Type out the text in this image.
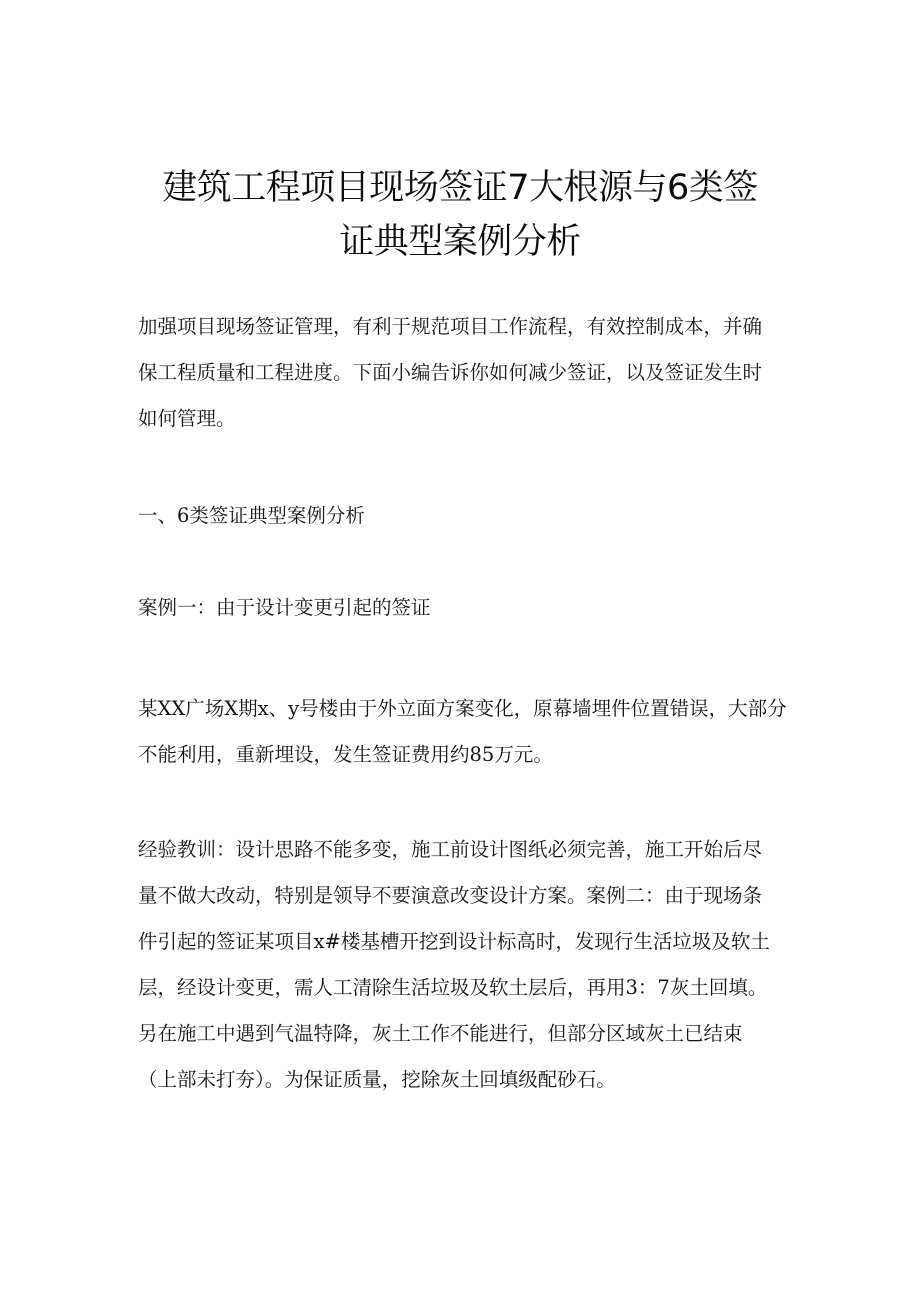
建筑工程项目现场签证7大根源与6类签
证典型案例分析

加强项目现场签证管理，有利于规范项目工作流程，有效控制成本，并确
保工程质量和工程进度。下面小编告诉你如何减少签证，以及签证发生时
如何管理。

一、6类签证典型案例分析

案例一：由于设计变更引起的签证

某XX广场X期x、y号楼由于外立面方案变化，原幕墙埋件位置错误，大部分
不能利用，重新埋设，发生签证费用约85万元。

经验教训：设计思路不能多变，施工前设计图纸必须完善，施工开始后尽
量不做大改动，特别是领导不要演意改变设计方案。案例二：由于现场条
件引起的签证某项目x#楼基槽开挖到设计标高时，发现行生活垃圾及软土
层，经设计变更，需人工清除生活垃圾及软土层后，再用3：7灰土回填。
另在施工中遇到气温特降，灰土工作不能进行，但部分区域灰土已结束
（上部未打夯）。为保证质量，挖除灰土回填级配砂石。
